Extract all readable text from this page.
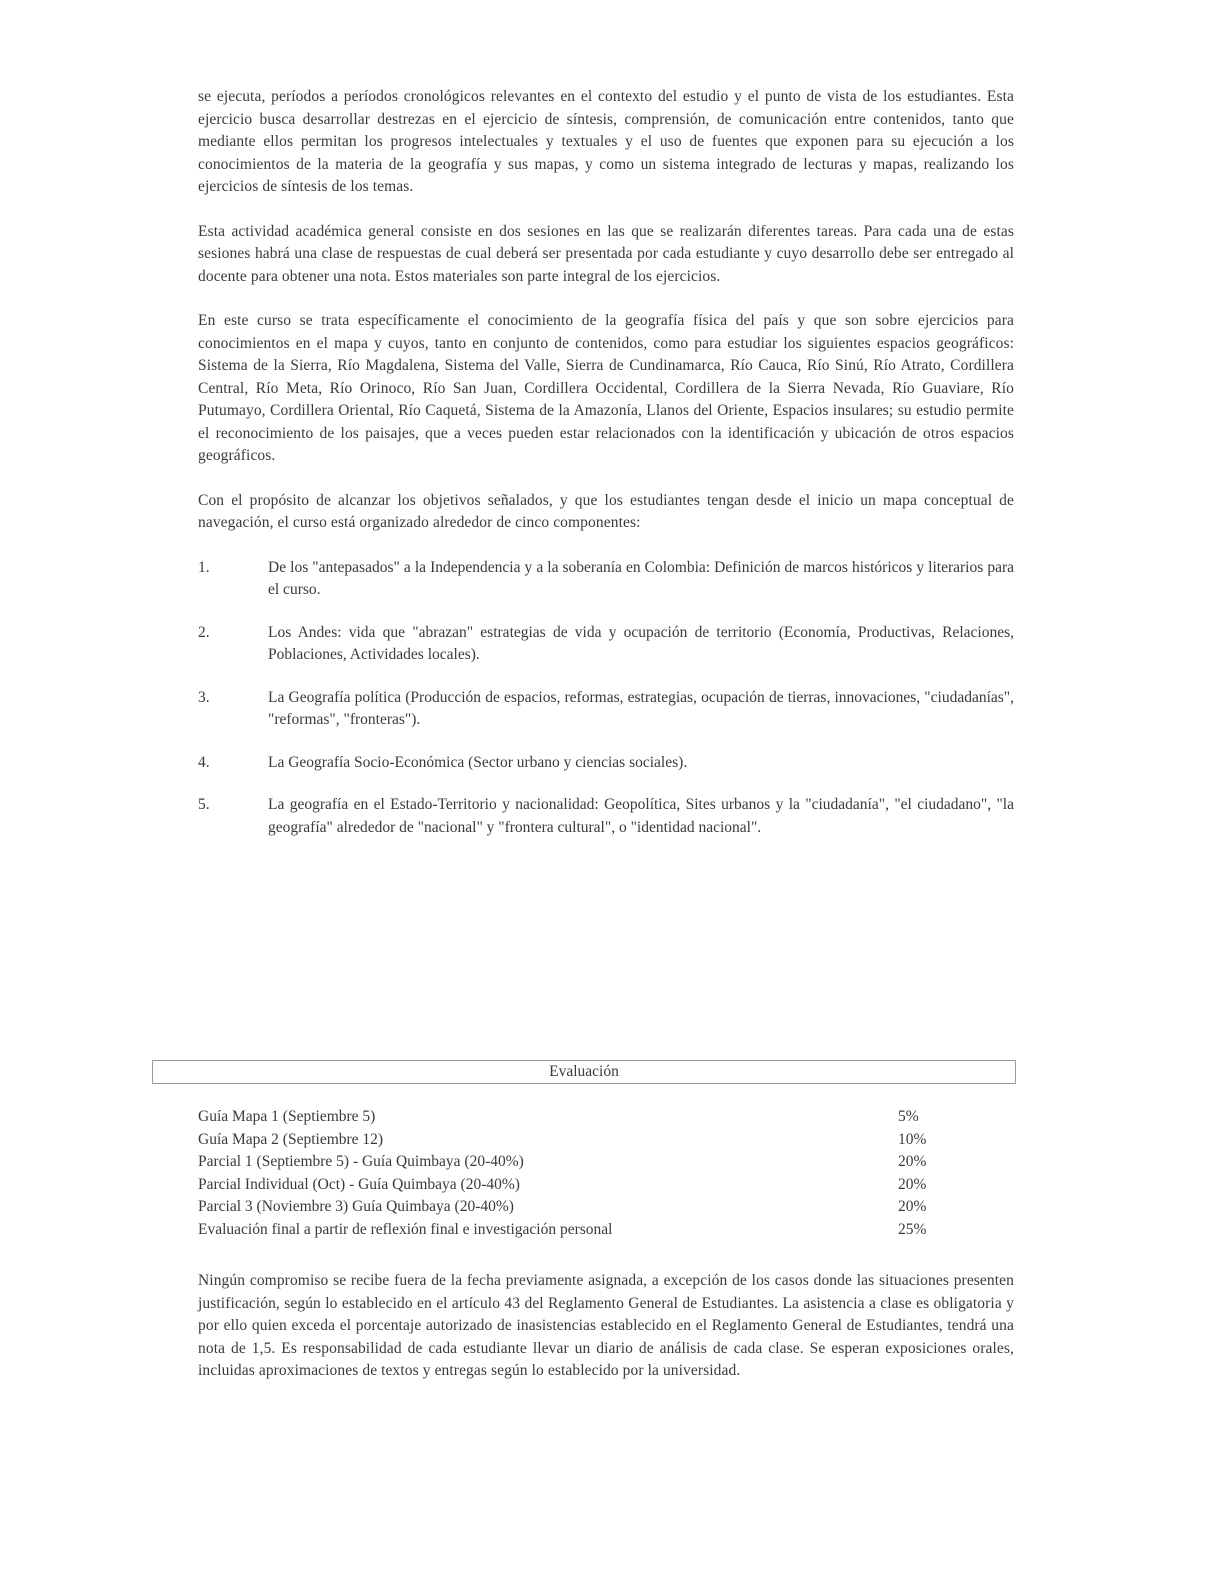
se ejecuta, períodos a períodos cronológicos relevantes en el contexto del estudio y el punto de vista de los estudiantes. Esta ejercicio busca desarrollar destrezas en el ejercicio de síntesis, comprensión, de comunicación entre contenidos, tanto que mediante ellos permitan los progresos intelectuales y textuales y el uso de fuentes que exponen para su ejecución a los conocimientos de la materia de la geografía y sus mapas, y como un sistema integrado de lecturas y mapas, realizando los ejercicios de síntesis de los temas.

Esta actividad académica general consiste en dos sesiones en las que se realizarán diferentes tareas. Para cada una de estas sesiones habrá una clase de respuestas de cual deberá ser presentada por cada estudiante y cuyo desarrollo debe ser entregado al docente para obtener una nota. Estos materiales son parte integral de los ejercicios.

En este curso se trata específicamente el conocimiento de la geografía física del país y que son sobre ejercicios para conocimientos en el mapa y cuyos, tanto en conjunto de contenidos, como para estudiar los siguientes espacios geográficos: Sistema de la Sierra, Río Magdalena, Sistema del Valle, Sierra de Cundinamarca, Río Cauca, Río Sinú, Río Atrato, Cordillera Central, Río Meta, Río Orinoco, Río San Juan, Cordillera Occidental, Cordillera de la Sierra Nevada, Río Guaviare, Río Putumayo, Cordillera Oriental, Río Caquetá, Sistema de la Amazonía, Llanos del Oriente, Espacios insulares; su estudio permite el reconocimiento de los paisajes, que a veces pueden estar relacionados con la identificación y ubicación de otros espacios geográficos.

Con el propósito de alcanzar los objetivos señalados, y que los estudiantes tengan desde el inicio un mapa conceptual de navegación, el curso está organizado alrededor de cinco componentes:

1.	De los "antepasados" a la Independencia y a la soberanía en Colombia: Definición de marcos históricos y literarios para el curso.
2.	Los Andes: vida que "abrazan" estrategias de vida y ocupación de territorio (Economía, Productivas, Relaciones, Poblaciones, Actividades locales).
3.	La Geografía política (Producción de espacios, reformas, estrategias, ocupación de tierras, innovaciones, "ciudadanías", "reformas", "fronteras").
4.	La Geografía Socio-Económica (Sector urbano y ciencias sociales).
5.	La geografía en el Estado-Territorio y nacionalidad: Geopolítica, Sites urbanos y la "ciudadanía", "el ciudadano", "la geografía" alrededor de "nacional" y "frontera cultural", o "identidad nacional".
Evaluación
Guía Mapa 1 (Septiembre 5)	5%
Guía Mapa 2 (Septiembre 12)	10%
Parcial 1 (Septiembre 5) - Guía Quimbaya (20-40%)	20%
Parcial Individual (Oct) - Guía Quimbaya (20-40%)	20%
Parcial 3 (Noviembre 3) Guía Quimbaya (20-40%)	20%
Evaluación final a partir de reflexión final e investigación personal	25%

Ningún compromiso se recibe fuera de la fecha previamente asignada, a excepción de los casos donde las situaciones presenten justificación, según lo establecido en el artículo 43 del Reglamento General de Estudiantes. La asistencia a clase es obligatoria y por ello quien exceda el porcentaje autorizado de inasistencias establecido en el Reglamento General de Estudiantes, tendrá una nota de 1,5. Es responsabilidad de cada estudiante llevar un diario de análisis de cada clase. Se esperan exposiciones orales, incluidas aproximaciones de textos y entregas según lo establecido por la universidad.
